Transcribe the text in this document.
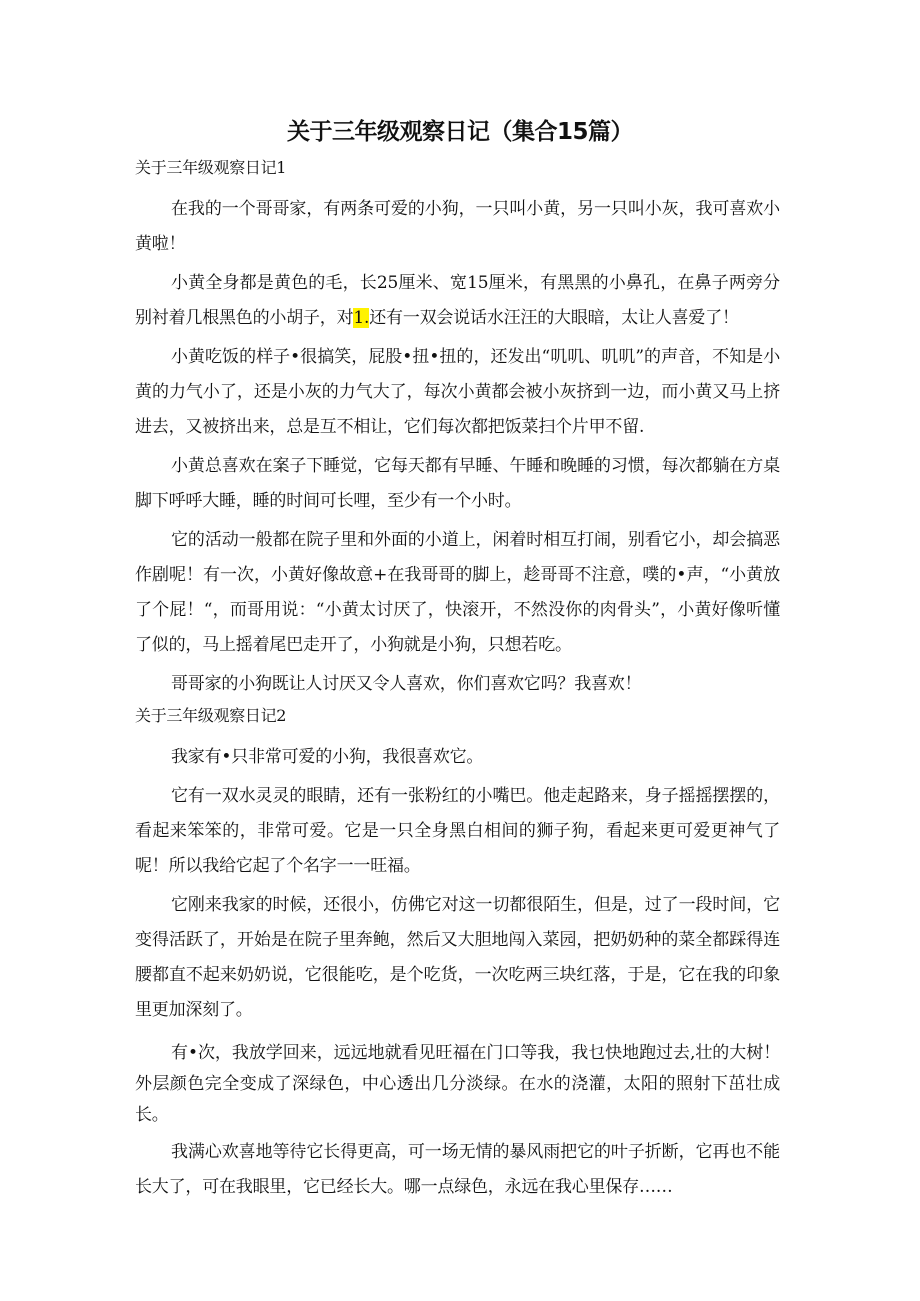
关于三年级观察日记（集合15篇）
关于三年级观察日记1

在我的一个哥哥家，有两条可爱的小狗，一只叫小黄，另一只叫小灰，我可喜欢小黄啦！

小黄全身都是黄色的毛，长25厘米、宽15厘米，有黑黑的小鼻孔，在鼻子两旁分别衬着几根黑色的小胡子，对1.还有一双会说话水汪汪的大眼暗，太让人喜爱了！

小黄吃饭的样子•很搞笑，屁股•扭•扭的，还发出“叽叽、叽叽”的声音，不知是小黄的力气小了，还是小灰的力气大了，每次小黄都会被小灰挤到一边，而小黄又马上挤进去，又被挤出来，总是互不相让，它们每次都把饭菜扫个片甲不留.

小黄总喜欢在案子下睡觉，它每天都有早睡、午睡和晚睡的习惯，每次都躺在方桌脚下呼呼大睡，睡的时间可长哩，至少有一个小时。

它的活动一般都在院子里和外面的小道上，闲着时相互打闹，别看它小，却会搞恶作剧呢！有一次，小黄好像故意+在我哥哥的脚上，趁哥哥不注意，噗的•声，“小黄放了个屁！“，而哥用说：“小黄太讨厌了，快滚开，不然没你的肉骨头”，小黄好像听懂了似的，马上摇着尾巴走开了，小狗就是小狗，只想若吃。

哥哥家的小狗既让人讨厌又令人喜欢，你们喜欢它吗？我喜欢！

关于三年级观察日记2

我家有•只非常可爱的小狗，我很喜欢它。

它有一双水灵灵的眼睛，还有一张粉红的小嘴巴。他走起路来，身子摇摇摆摆的，看起来笨笨的，非常可爱。它是一只全身黑白相间的狮子狗，看起来更可爱更神气了呢！所以我给它起了个名字一一旺福。

它刚来我家的时候，还很小，仿佛它对这一切都很陌生，但是，过了一段时间，它变得活跃了，开始是在院子里奔鲍，然后又大胆地闯入菜园，把奶奶种的菜全都踩得连腰都直不起来奶奶说，它很能吃，是个吃货，一次吃两三块红落，于是，它在我的印象里更加深刻了。

有•次，我放学回来，远远地就看见旺福在门口等我，我乜快地跑过去,壮的大树！外层颜色完全变成了深绿色，中心透出几分淡绿。在水的浇灌，太阳的照射下茁壮成长。

我满心欢喜地等待它长得更高，可一场无情的暴风雨把它的叶子折断，它再也不能长大了，可在我眼里，它已经长大。哪一点绿色，永远在我心里保存……
